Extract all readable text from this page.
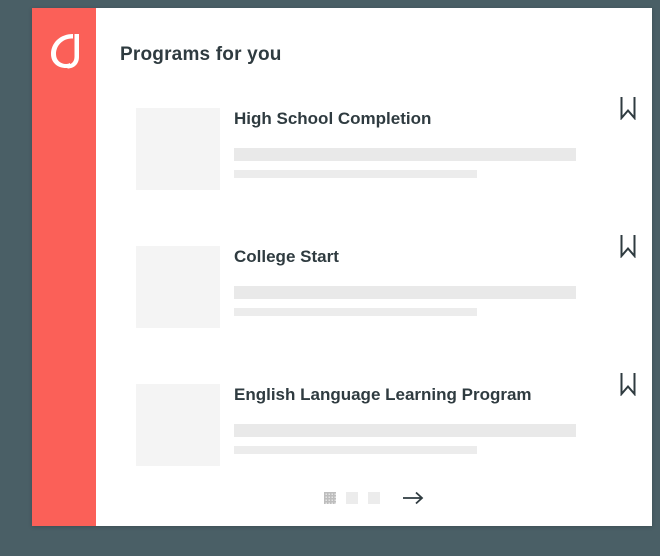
Programs for you
High School Completion
College Start
English Language Learning Program
